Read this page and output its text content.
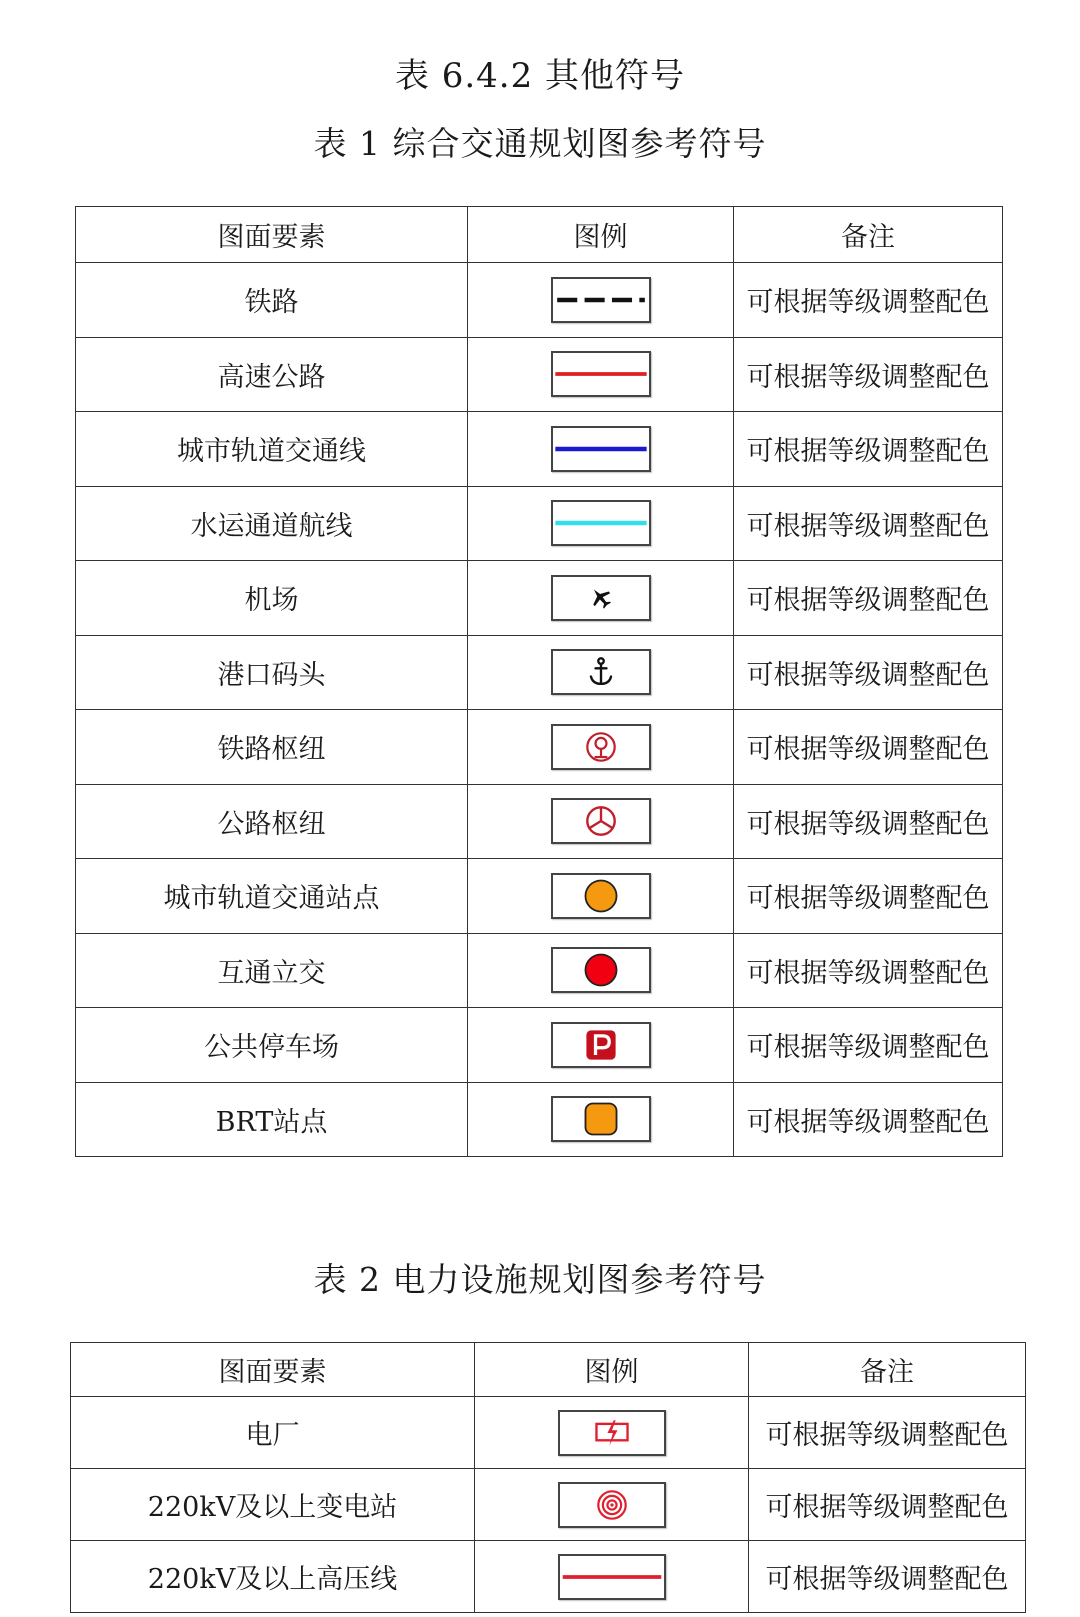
表 6.4.2 其他符号
表 1 综合交通规划图参考符号
图面要素	图例	备注
铁路		可根据等级调整配色
高速公路		可根据等级调整配色
城市轨道交通线		可根据等级调整配色
水运通道航线		可根据等级调整配色
机场		可根据等级调整配色
港口码头		可根据等级调整配色
铁路枢纽		可根据等级调整配色
公路枢纽		可根据等级调整配色
城市轨道交通站点		可根据等级调整配色
互通立交		可根据等级调整配色
公共停车场		可根据等级调整配色
BRT站点		可根据等级调整配色
表 2 电力设施规划图参考符号
图面要素	图例	备注
电厂		可根据等级调整配色
220kV及以上变电站		可根据等级调整配色
220kV及以上高压线		可根据等级调整配色
